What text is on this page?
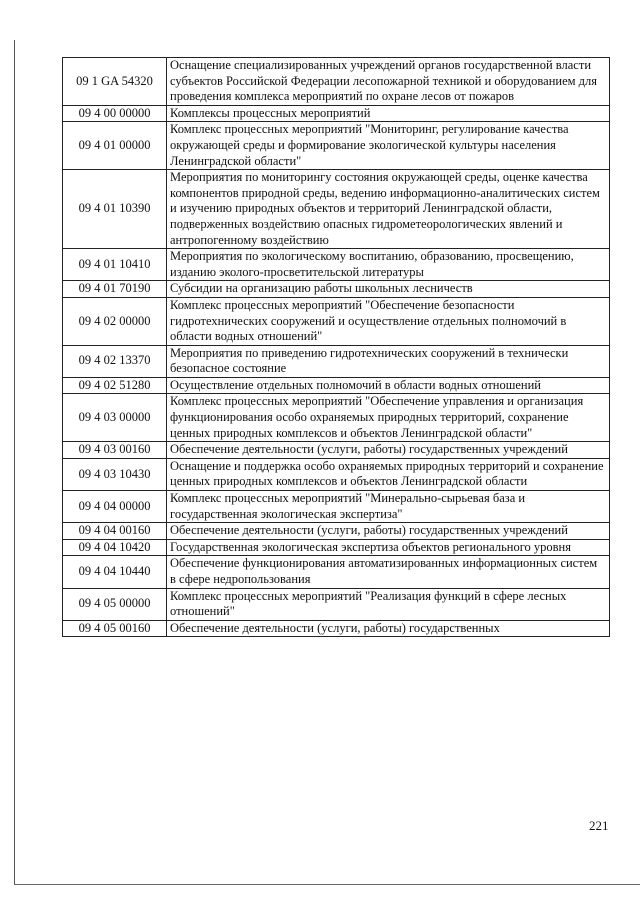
09 1 GA 54320	Оснащение специализированных учреждений органов государственной власти субъектов Российской Федерации лесопожарной техникой и оборудованием для проведения комплекса мероприятий по охране лесов от пожаров
09 4 00 00000	Комплексы процессных мероприятий
09 4 01 00000	Комплекс процессных мероприятий "Мониторинг, регулирование качества окружающей среды и формирование экологической культуры населения Ленинградской области"
09 4 01 10390	Мероприятия по мониторингу состояния окружающей среды, оценке качества компонентов природной среды, ведению информационно-аналитических систем и изучению природных объектов и территорий Ленинградской области, подверженных воздействию опасных гидрометеорологических явлений и антропогенному воздействию
09 4 01 10410	Мероприятия по экологическому воспитанию, образованию, просвещению, изданию эколого-просветительской литературы
09 4 01 70190	Субсидии на организацию работы школьных лесничеств
09 4 02 00000	Комплекс процессных мероприятий "Обеспечение безопасности гидротехнических сооружений и осуществление отдельных полномочий в области водных отношений"
09 4 02 13370	Мероприятия по приведению гидротехнических сооружений в технически безопасное состояние
09 4 02 51280	Осуществление отдельных полномочий в области водных отношений
09 4 03 00000	Комплекс процессных мероприятий "Обеспечение управления и организация функционирования особо охраняемых природных территорий, сохранение ценных природных комплексов и объектов Ленинградской области"
09 4 03 00160	Обеспечение деятельности (услуги, работы) государственных учреждений
09 4 03 10430	Оснащение и поддержка особо охраняемых природных территорий и сохранение ценных природных комплексов и объектов Ленинградской области
09 4 04 00000	Комплекс процессных мероприятий "Минерально-сырьевая база и государственная экологическая экспертиза"
09 4 04 00160	Обеспечение деятельности (услуги, работы) государственных учреждений
09 4 04 10420	Государственная экологическая экспертиза объектов регионального уровня
09 4 04 10440	Обеспечение функционирования автоматизированных информационных систем в сфере недропользования
09 4 05 00000	Комплекс процессных мероприятий "Реализация функций в сфере лесных отношений"
09 4 05 00160	Обеспечение деятельности (услуги, работы) государственных
221
